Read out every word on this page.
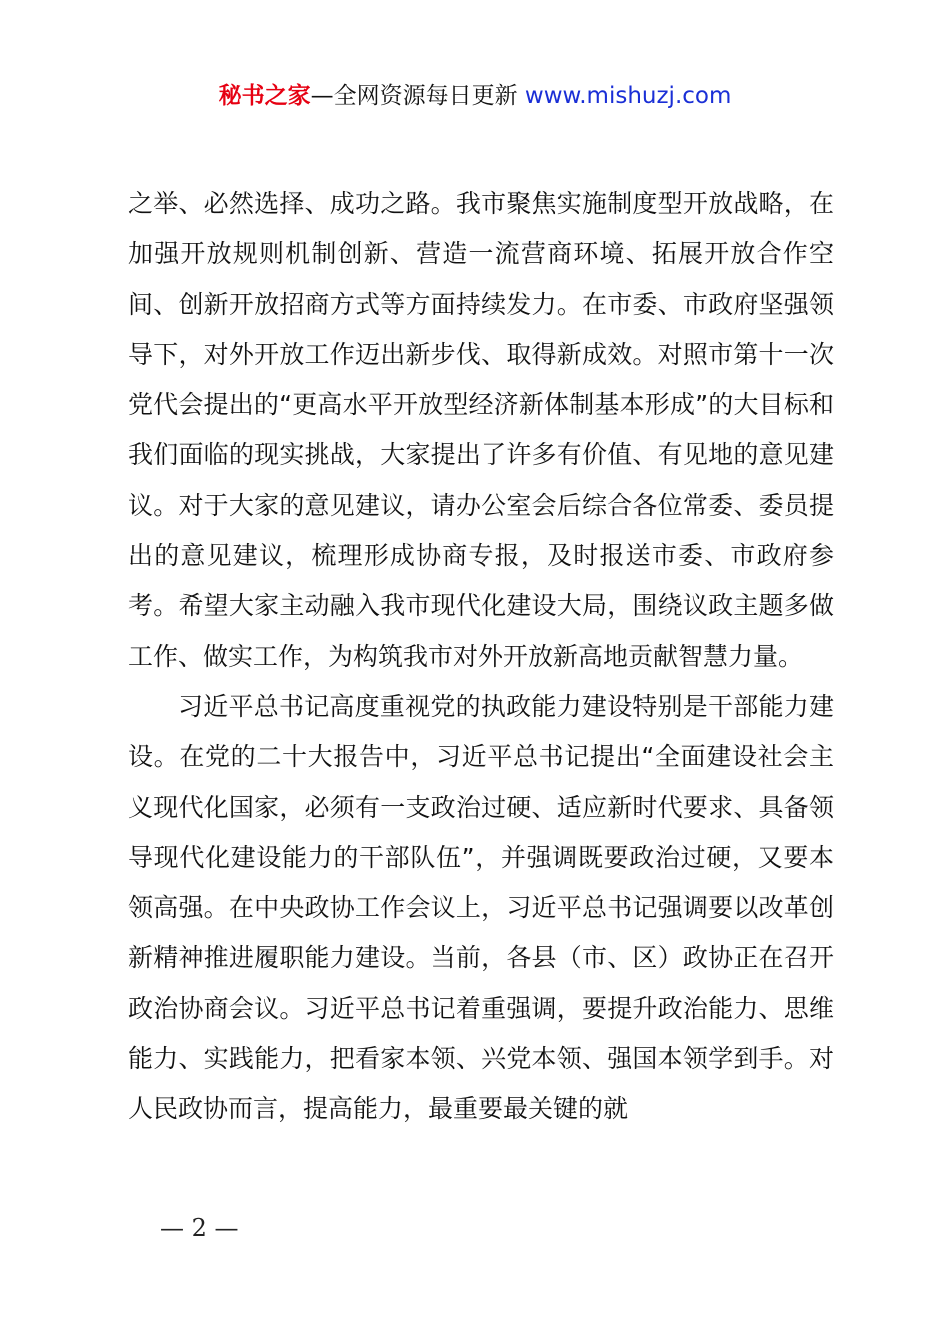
秘书之家—全网资源每日更新 www.mishuzj.com

之举、必然选择、成功之路。我市聚焦实施制度型开放战略，在加强开放规则机制创新、营造一流营商环境、拓展开放合作空间、创新开放招商方式等方面持续发力。在市委、市政府坚强领导下，对外开放工作迈出新步伐、取得新成效。对照市第十一次党代会提出的“更高水平开放型经济新体制基本形成”的大目标和我们面临的现实挑战，大家提出了许多有价值、有见地的意见建议。对于大家的意见建议，请办公室会后综合各位常委、委员提出的意见建议，梳理形成协商专报，及时报送市委、市政府参考。希望大家主动融入我市现代化建设大局，围绕议政主题多做工作、做实工作，为构筑我市对外开放新高地贡献智慧力量。

习近平总书记高度重视党的执政能力建设特别是干部能力建设。在党的二十大报告中，习近平总书记提出“全面建设社会主义现代化国家，必须有一支政治过硬、适应新时代要求、具备领导现代化建设能力的干部队伍”，并强调既要政治过硬，又要本领高强。在中央政协工作会议上，习近平总书记强调要以改革创新精神推进履职能力建设。当前，各县（市、区）政协正在召开政治协商会议。习近平总书记着重强调，要提升政治能力、思维能力、实践能力，把看家本领、兴党本领、强国本领学到手。对人民政协而言，提高能力，最重要最关键的就

— 2 —
